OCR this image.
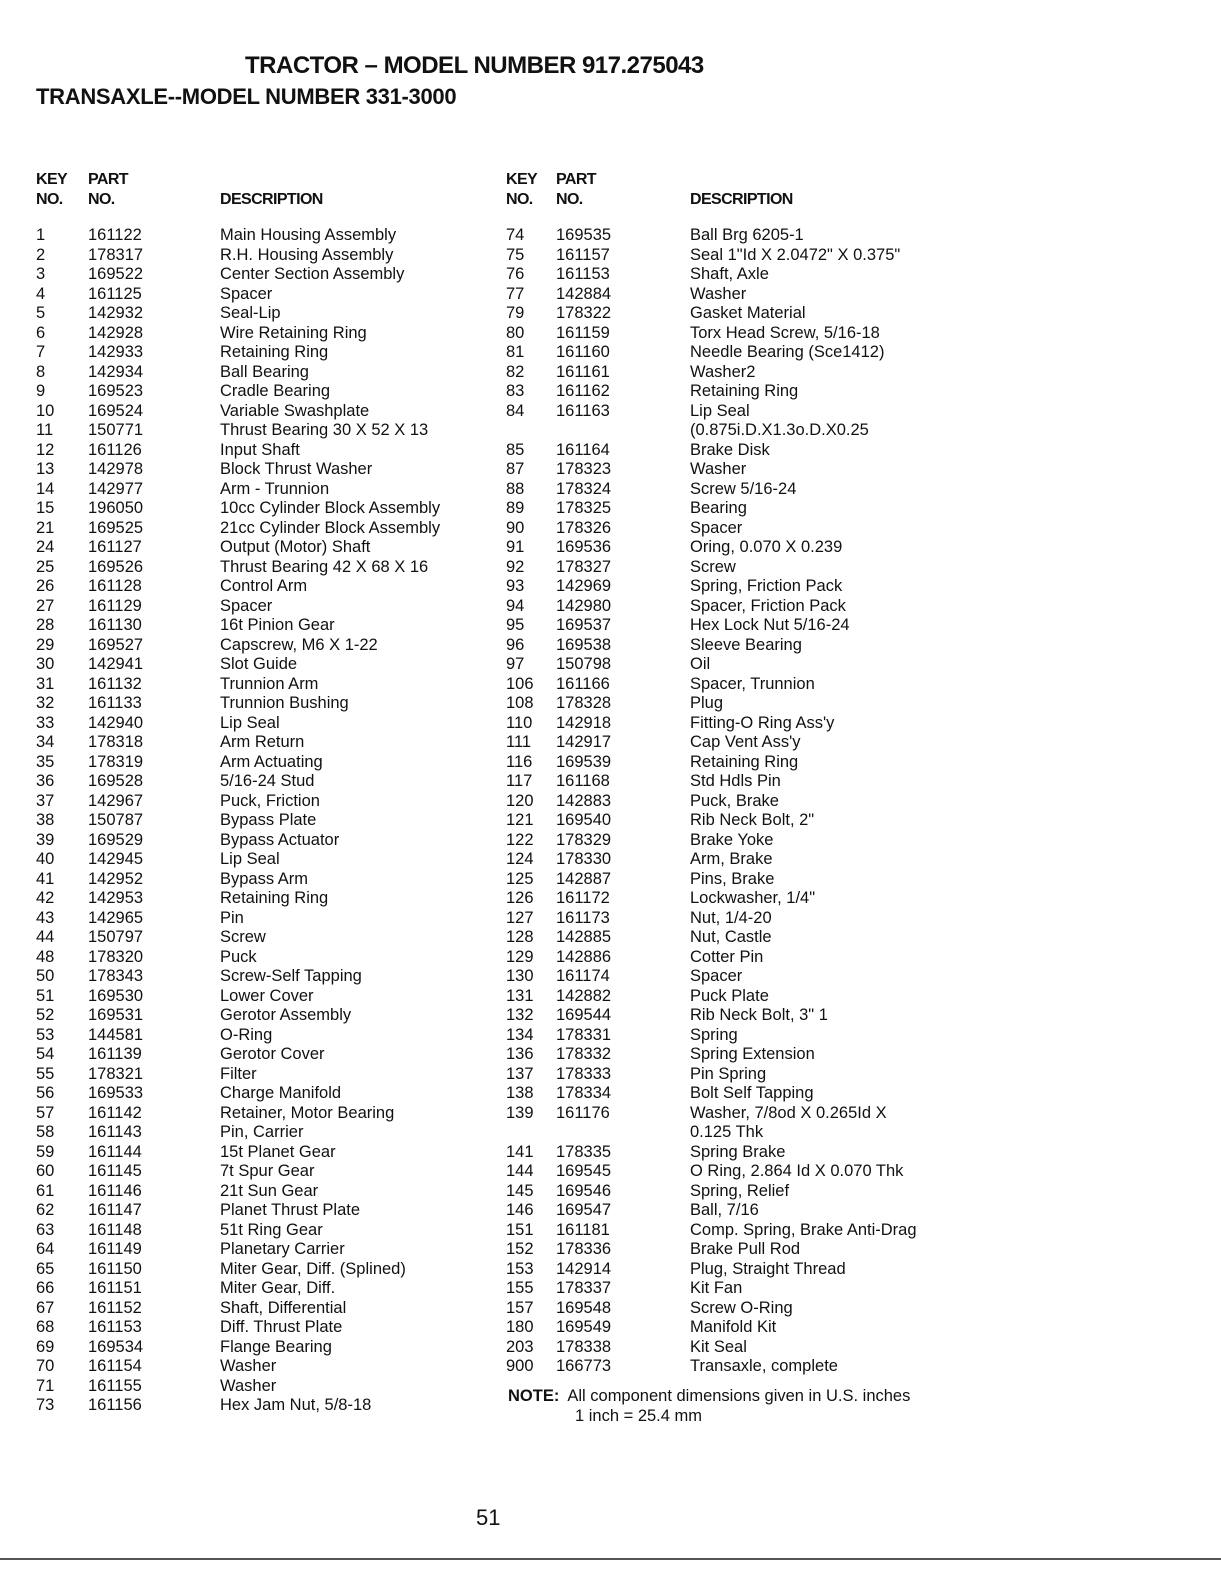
TRACTOR – MODEL NUMBER 917.275043
TRANSAXLE--MODEL NUMBER 331-3000
KEY
NO.
PART
NO.	DESCRIPTION
KEY
NO.
PART
NO.	DESCRIPTION
1	161122	Main Housing Assembly
2	178317	R.H. Housing Assembly
3	169522	Center Section Assembly
4	161125	Spacer
5	142932	Seal-Lip
6	142928	Wire Retaining Ring
7	142933	Retaining Ring
8	142934	Ball Bearing
9	169523	Cradle Bearing
10 169524	Variable Swashplate
11 150771	Thrust Bearing 30 X 52 X 13
12 161126	Input Shaft
13 142978	Block Thrust Washer
14 142977	Arm - Trunnion
15 196050	10cc Cylinder Block Assembly
21 169525	21cc Cylinder Block Assembly
24 161127	Output (Motor) Shaft
25 169526	Thrust Bearing 42 X 68 X 16
26 161128	Control Arm
27 161129	Spacer
28 161130	16t Pinion Gear
29 169527	Capscrew, M6 X 1-22
30 142941	Slot Guide
31 161132	Trunnion Arm
32 161133	Trunnion Bushing
33 142940	Lip Seal
34 178318	Arm Return
35 178319	Arm Actuating
36 169528	5/16-24 Stud
37 142967	Puck, Friction
38 150787	Bypass Plate
39 169529	Bypass Actuator
40 142945	Lip Seal
41 142952	Bypass Arm
42 142953	Retaining Ring
43 142965	Pin
44 150797	Screw
48 178320	Puck
50 178343	Screw-Self Tapping
51 169530	Lower Cover
52 169531	Gerotor Assembly
53 144581	O-Ring
54 161139	Gerotor Cover
55 178321	Filter
56 169533	Charge Manifold
57 161142	Retainer, Motor Bearing
58 161143	Pin, Carrier
59 161144	15t Planet Gear
60 161145	7t Spur Gear
61 161146	21t Sun Gear
62 161147	Planet Thrust Plate
63 161148	51t Ring Gear
64 161149	Planetary Carrier
65 161150	Miter Gear, Diff. (Splined)
66 161151	Miter Gear, Diff.
67 161152	Shaft, Differential
68 161153	Diff. Thrust Plate
69 169534	Flange Bearing
70 161154	Washer
71 161155	Washer
73 161156	Hex Jam Nut, 5/8-18
74 169535	Ball Brg 6205-1
75 161157	Seal 1"Id X 2.0472" X 0.375"
76 161153	Shaft, Axle
77 142884	Washer
79 178322	Gasket Material
80 161159	Torx Head Screw, 5/16-18
81 161160	Needle Bearing (Sce1412)
82 161161	Washer2
83 161162	Retaining Ring
84 161163	Lip Seal
(0.875i.D.X1.3o.D.X0.25
85 161164	Brake Disk
87 178323	Washer
88 178324	Screw 5/16-24
89 178325	Bearing
90 178326	Spacer
91 169536	Oring, 0.070 X 0.239
92 178327	Screw
93 142969	Spring, Friction Pack
94 142980	Spacer, Friction Pack
95 169537	Hex Lock Nut 5/16-24
96 169538	Sleeve Bearing
97 150798	Oil
106 161166	Spacer, Trunnion
108 178328	Plug
110 142918	Fitting-O Ring Ass'y
111 142917	Cap Vent Ass'y
116 169539	Retaining Ring
117 161168	Std Hdls Pin
120 142883	Puck, Brake
121 169540	Rib Neck Bolt, 2"
122 178329	Brake Yoke
124 178330	Arm, Brake
125 142887	Pins, Brake
126 161172	Lockwasher, 1/4"
127 161173	Nut, 1/4-20
128 142885	Nut, Castle
129 142886	Cotter Pin
130 161174	Spacer
131 142882	Puck Plate
132 169544	Rib Neck Bolt, 3" 1
134 178331	Spring
136 178332	Spring Extension
137 178333	Pin Spring
138 178334	Bolt Self Tapping
139 161176	Washer, 7/8od X 0.265Id X
0.125 Thk
141 178335	Spring Brake
144 169545	O Ring, 2.864 Id X 0.070 Thk
145 169546	Spring, Relief
146 169547	Ball, 7/16
151 161181	Comp. Spring, Brake Anti-Drag
152 178336	Brake Pull Rod
153 142914	Plug, Straight Thread
155 178337	Kit Fan
157 169548	Screw O-Ring
180 169549	Manifold Kit
203 178338	Kit Seal
900 166773	Transaxle, complete
NOTE: All component dimensions given in U.S. inches
1 inch = 25.4 mm
51
